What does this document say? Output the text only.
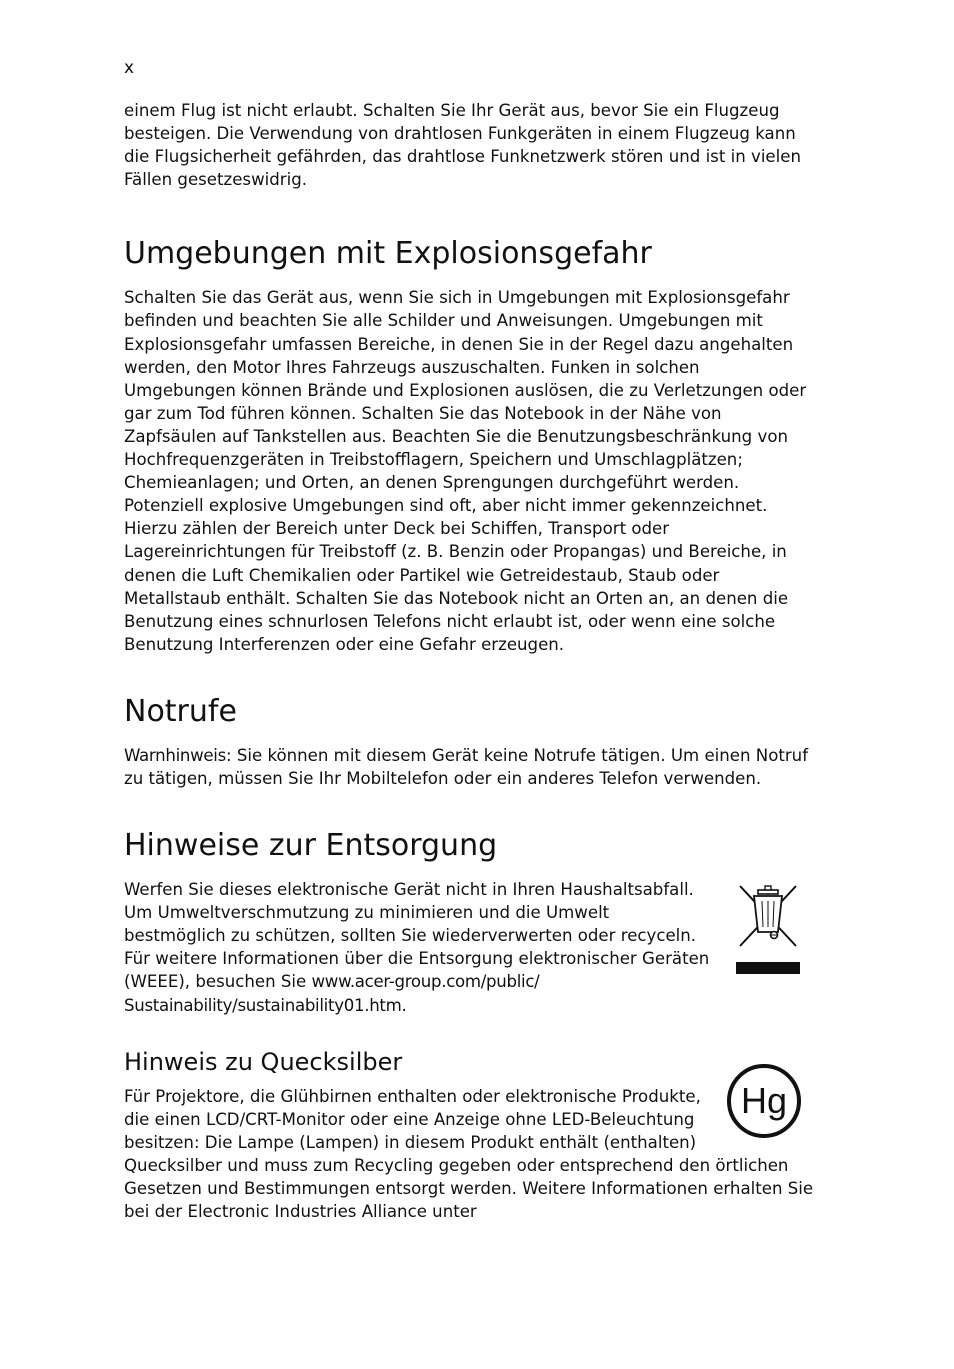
x

einem Flug ist nicht erlaubt. Schalten Sie Ihr Gerät aus, bevor Sie ein Flugzeug besteigen. Die Verwendung von drahtlosen Funkgeräten in einem Flugzeug kann die Flugsicherheit gefährden, das drahtlose Funknetzwerk stören und ist in vielen Fällen gesetzeswidrig.

Umgebungen mit Explosionsgefahr

Schalten Sie das Gerät aus, wenn Sie sich in Umgebungen mit Explosionsgefahr befinden und beachten Sie alle Schilder und Anweisungen. Umgebungen mit Explosionsgefahr umfassen Bereiche, in denen Sie in der Regel dazu angehalten werden, den Motor Ihres Fahrzeugs auszuschalten. Funken in solchen Umgebungen können Brände und Explosionen auslösen, die zu Verletzungen oder gar zum Tod führen können. Schalten Sie das Notebook in der Nähe von Zapfsäulen auf Tankstellen aus. Beachten Sie die Benutzungsbeschränkung von Hochfrequenzgeräten in Treibstofflagern, Speichern und Umschlagplätzen; Chemieanlagen; und Orten, an denen Sprengungen durchgeführt werden. Potenziell explosive Umgebungen sind oft, aber nicht immer gekennzeichnet. Hierzu zählen der Bereich unter Deck bei Schiffen, Transport oder Lagereinrichtungen für Treibstoff (z. B. Benzin oder Propangas) und Bereiche, in denen die Luft Chemikalien oder Partikel wie Getreidestaub, Staub oder Metallstaub enthält. Schalten Sie das Notebook nicht an Orten an, an denen die Benutzung eines schnurlosen Telefons nicht erlaubt ist, oder wenn eine solche Benutzung Interferenzen oder eine Gefahr erzeugen.

Notrufe

Warnhinweis: Sie können mit diesem Gerät keine Notrufe tätigen. Um einen Notruf zu tätigen, müssen Sie Ihr Mobiltelefon oder ein anderes Telefon verwenden.

Hinweise zur Entsorgung

Werfen Sie dieses elektronische Gerät nicht in Ihren Haushaltsabfall. Um Umweltverschmutzung zu minimieren und die Umwelt bestmöglich zu schützen, sollten Sie wiederverwerten oder recyceln. Für weitere Informationen über die Entsorgung elektronischer Geräten (WEEE), besuchen Sie www.acer-group.com/public/ Sustainability/sustainability01.htm.

Hinweis zu Quecksilber
Hg

Für Projektore, die Glühbirnen enthalten oder elektronische Produkte, die einen LCD/CRT-Monitor oder eine Anzeige ohne LED-Beleuchtung besitzen: Die Lampe (Lampen) in diesem Produkt enthält (enthalten) Quecksilber und muss zum Recycling gegeben oder entsprechend den örtlichen Gesetzen und Bestimmungen entsorgt werden. Weitere Informationen erhalten Sie bei der Electronic Industries Alliance unter
